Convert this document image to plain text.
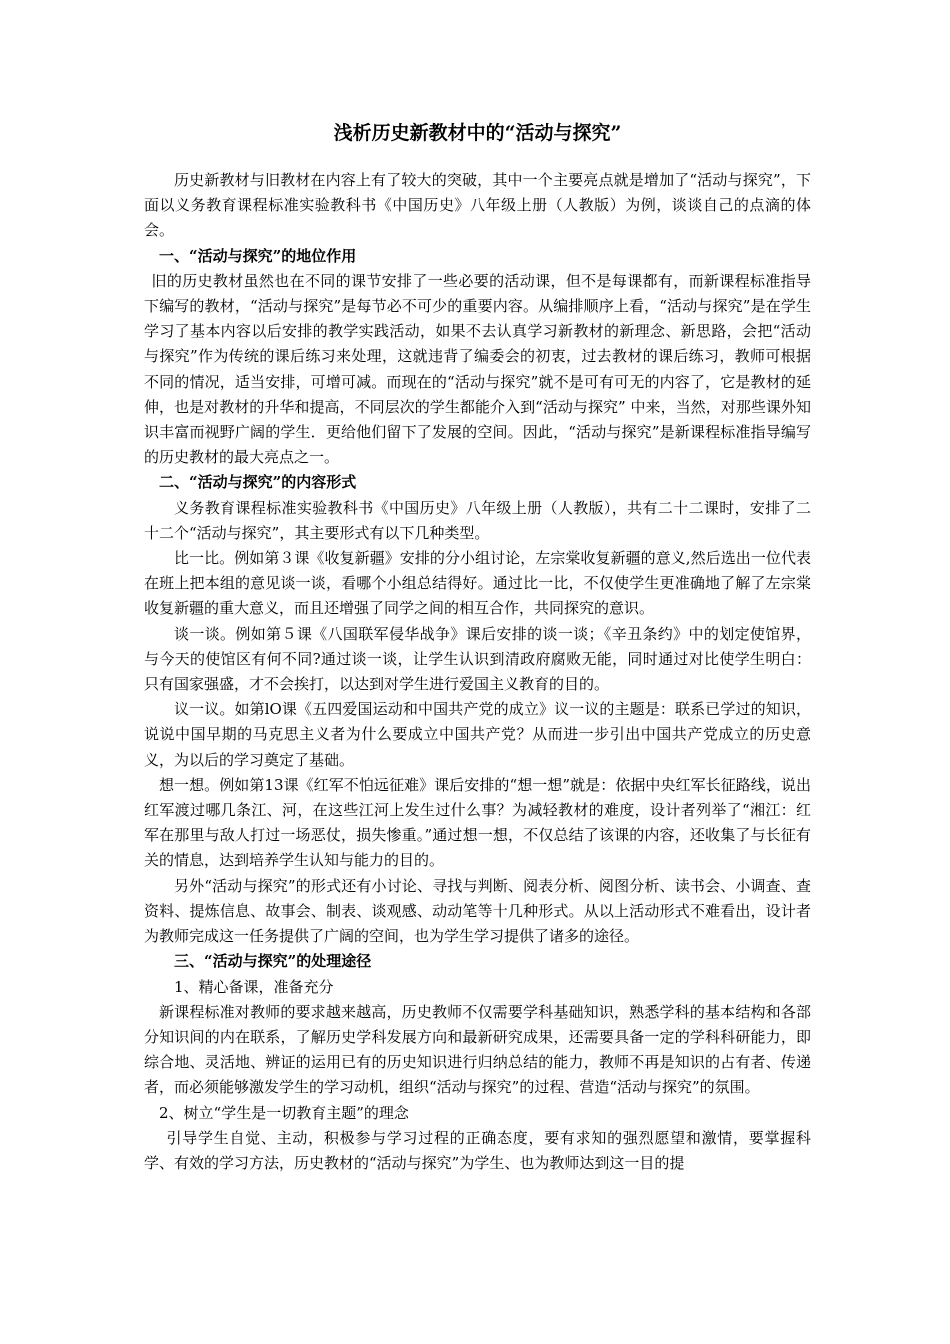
浅析历史新教材中的“活动与探究”

历史新教材与旧教材在内容上有了较大的突破，其中一个主要亮点就是增加了“活动与探究”，下面以义务教育课程标准实验教科书《中国历史》八年级上册（人教版）为例，谈谈自己的点滴的体会。

一、“活动与探究”的地位作用

旧的历史教材虽然也在不同的课节安排了一些必要的活动课，但不是每课都有，而新课程标准指导下编写的教材，“活动与探究”是每节必不可少的重要内容。从编排顺序上看，“活动与探究”是在学生学习了基本内容以后安排的教学实践活动，如果不去认真学习新教材的新理念、新思路，会把“活动与探究”作为传统的课后练习来处理，这就违背了编委会的初衷，过去教材的课后练习，教师可根据不同的情况，适当安排，可增可减。而现在的“活动与探究”就不是可有可无的内容了，它是教材的延伸，也是对教材的升华和提高，不同层次的学生都能介入到“活动与探究” 中来，当然，对那些课外知识丰富而视野广阔的学生．更给他们留下了发展的空间。因此，“活动与探究”是新课程标准指导编写的历史教材的最大亮点之一。

二、“活动与探究”的内容形式

义务教育课程标准实验教科书《中国历史》八年级上册（人教版），共有二十二课时，安排了二十二个“活动与探究”，其主要形式有以下几种类型。

比一比。例如第３课《收复新疆》安排的分小组讨论，左宗棠收复新疆的意义,然后选出一位代表在班上把本组的意见谈一谈，看哪个小组总结得好。通过比一比，不仅使学生更准确地了解了左宗棠收复新疆的重大意义，而且还增强了同学之间的相互合作，共同探究的意识。

谈一谈。例如第５课《八国联军侵华战争》课后安排的谈一谈；《辛丑条约》中的划定使馆界，与今天的使馆区有何不同?通过谈一谈，让学生认识到清政府腐败无能，同时通过对比使学生明白：只有国家强盛，才不会挨打，以达到对学生进行爱国主义教育的目的。

议一议。如第lO课《五四爱国运动和中国共产党的成立》议一议的主题是：联系已学过的知识，说说中国早期的马克思主义者为什么要成立中国共产党？从而进一步引出中国共产党成立的历史意义，为以后的学习奠定了基础。

想一想。例如第13课《红军不怕远征难》课后安排的“想一想”就是：依据中央红军长征路线，说出红军渡过哪几条江、河，在这些江河上发生过什么事？为减轻教材的难度，设计者列举了“湘江：红军在那里与敌人打过一场恶仗，损失惨重。”通过想一想，不仅总结了该课的内容，还收集了与长征有关的情息，达到培养学生认知与能力的目的。

另外“活动与探究”的形式还有小讨论、寻找与判断、阅表分析、阅图分析、读书会、小调查、查资料、提炼信息、故事会、制表、谈观感、动动笔等十几种形式。从以上活动形式不难看出，设计者为教师完成这一任务提供了广阔的空间，也为学生学习提供了诸多的途径。

三、“活动与探究”的处理途径

1、精心备课，准备充分

新课程标准对教师的要求越来越高，历史教师不仅需要学科基础知识，熟悉学科的基本结构和各部分知识间的内在联系，了解历史学科发展方向和最新研究成果，还需要具备一定的学科科研能力，即综合地、灵活地、辨证的运用已有的历史知识进行归纳总结的能力，教师不再是知识的占有者、传递者，而必须能够激发学生的学习动机，组织“活动与探究”的过程、营造“活动与探究”的氛围。

2、树立“学生是一切教育主题”的理念

引导学生自觉、主动，积极参与学习过程的正确态度，要有求知的强烈愿望和激情，要掌握科学、有效的学习方法，历史教材的“活动与探究”为学生、也为教师达到这一目的提
